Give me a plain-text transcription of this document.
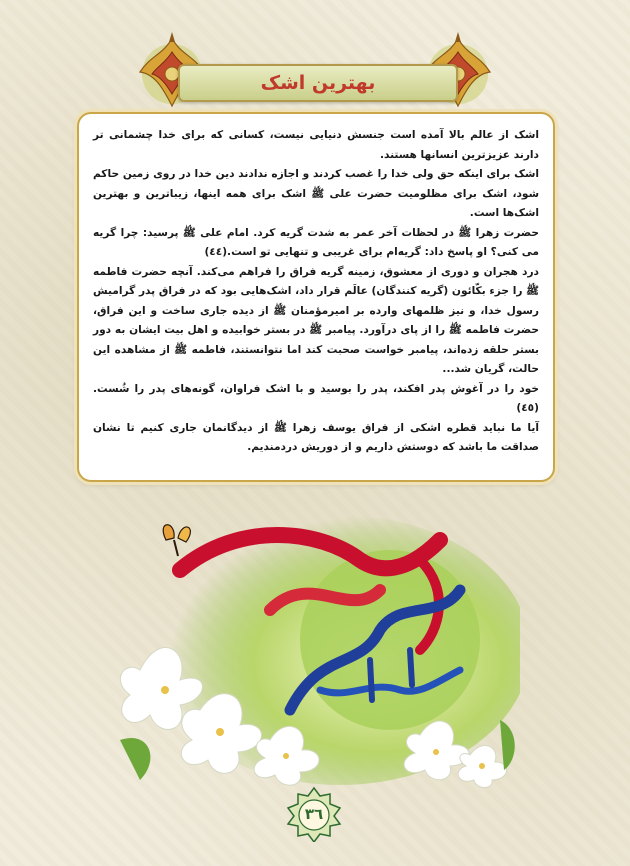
بهترین اشک

اشک از عالم بالا آمده است جنسش دنیایی نیست، کسانی که برای خدا چشمانی تر دارند عزیزترین انسانها هستند.

اشک برای اینکه حق ولی خدا را غصب کردند و اجازه ندادند دین خدا در روی زمین حاکم شود، اشک برای مظلومیت حضرت علی ﷺ اشک برای همه اینها، زیباترین و بهترین اشک‌ها است.

حضرت زهرا ﷺ در لحظات آخر عمر به شدت گریه کرد. امام علی ﷺ پرسید: چرا گریه می کنی؟ او پاسخ داد: گریه‌ام برای غریبی و تنهایی تو است.(٤٤)

درد هجران و دوری از معشوق، زمینه گریه فراق را فراهم می‌کند. آنچه حضرت فاطمه ﷺ را جزء بکّائون (گریه کنندگان) عالَم قرار داد، اشک‌هایی بود که در فراق پدر گرامیش رسول خدا، و نیز ظلمهای وارده بر امیرمؤمنان ﷺ از دیده جاری ساخت و این فراق، حضرت فاطمه ﷺ را از پای درآورد. پیامبر ﷺ در بستر خوابیده و اهل بیت ایشان به دور بستر حلقه زده‌اند، پیامبر خواست صحبت کند اما نتوانستند، فاطمه ﷺ از مشاهده این حالت، گریان شد...

خود را در آغوش پدر افکند، پدر را بوسید و با اشک فراوان، گونه‌های پدر را شُست.(٤٥)

آیا ما نباید قطره اشکی از فراق یوسف زهرا ﷺ از دیدگانمان جاری کنیم تا نشان صداقت ما باشد که دوستش داریم و از دوریش دردمندیم.

٣٦
